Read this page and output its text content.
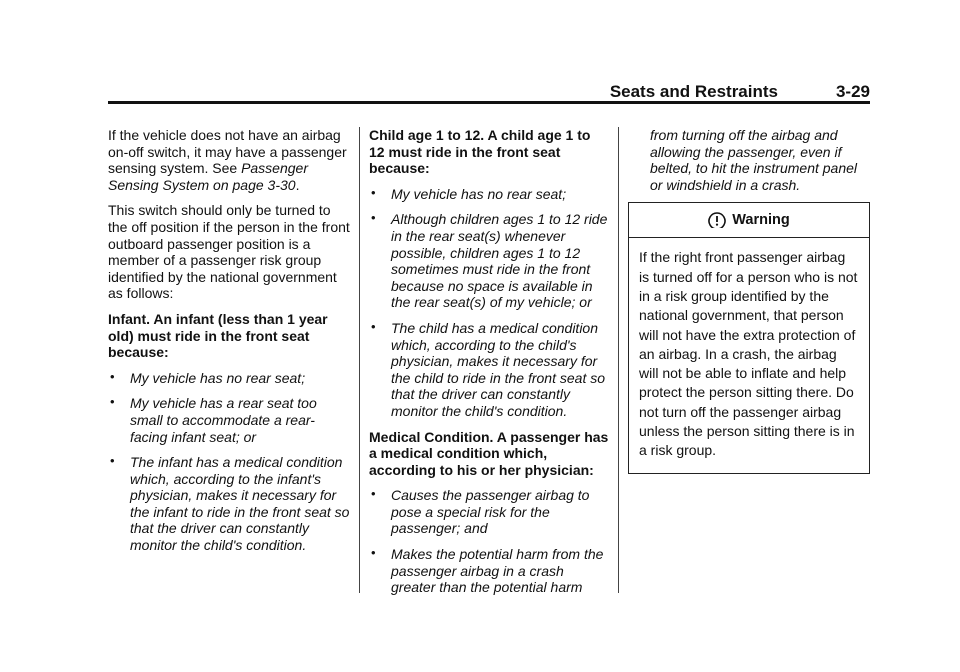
Seats and Restraints	3-29

If the vehicle does not have an airbag on-off switch, it may have a passenger sensing system. See Passenger Sensing System on page 3-30.

This switch should only be turned to the off position if the person in the front outboard passenger position is a member of a passenger risk group identified by the national government as follows:

Infant. An infant (less than 1 year old) must ride in the front seat because:

• My vehicle has no rear seat;
• My vehicle has a rear seat too small to accommodate a rear-facing infant seat; or
• The infant has a medical condition which, according to the infant's physician, makes it necessary for the infant to ride in the front seat so that the driver can constantly monitor the child's condition.

Child age 1 to 12. A child age 1 to 12 must ride in the front seat because:

• My vehicle has no rear seat;
• Although children ages 1 to 12 ride in the rear seat(s) whenever possible, children ages 1 to 12 sometimes must ride in the front because no space is available in the rear seat(s) of my vehicle; or
• The child has a medical condition which, according to the child's physician, makes it necessary for the child to ride in the front seat so that the driver can constantly monitor the child's condition.

Medical Condition. A passenger has a medical condition which, according to his or her physician:

• Causes the passenger airbag to pose a special risk for the passenger; and
• Makes the potential harm from the passenger airbag in a crash greater than the potential harm

from turning off the airbag and allowing the passenger, even if belted, to hit the instrument panel or windshield in a crash.

Warning
If the right front passenger airbag is turned off for a person who is not in a risk group identified by the national government, that person will not have the extra protection of an airbag. In a crash, the airbag will not be able to inflate and help protect the person sitting there. Do not turn off the passenger airbag unless the person sitting there is in a risk group.
